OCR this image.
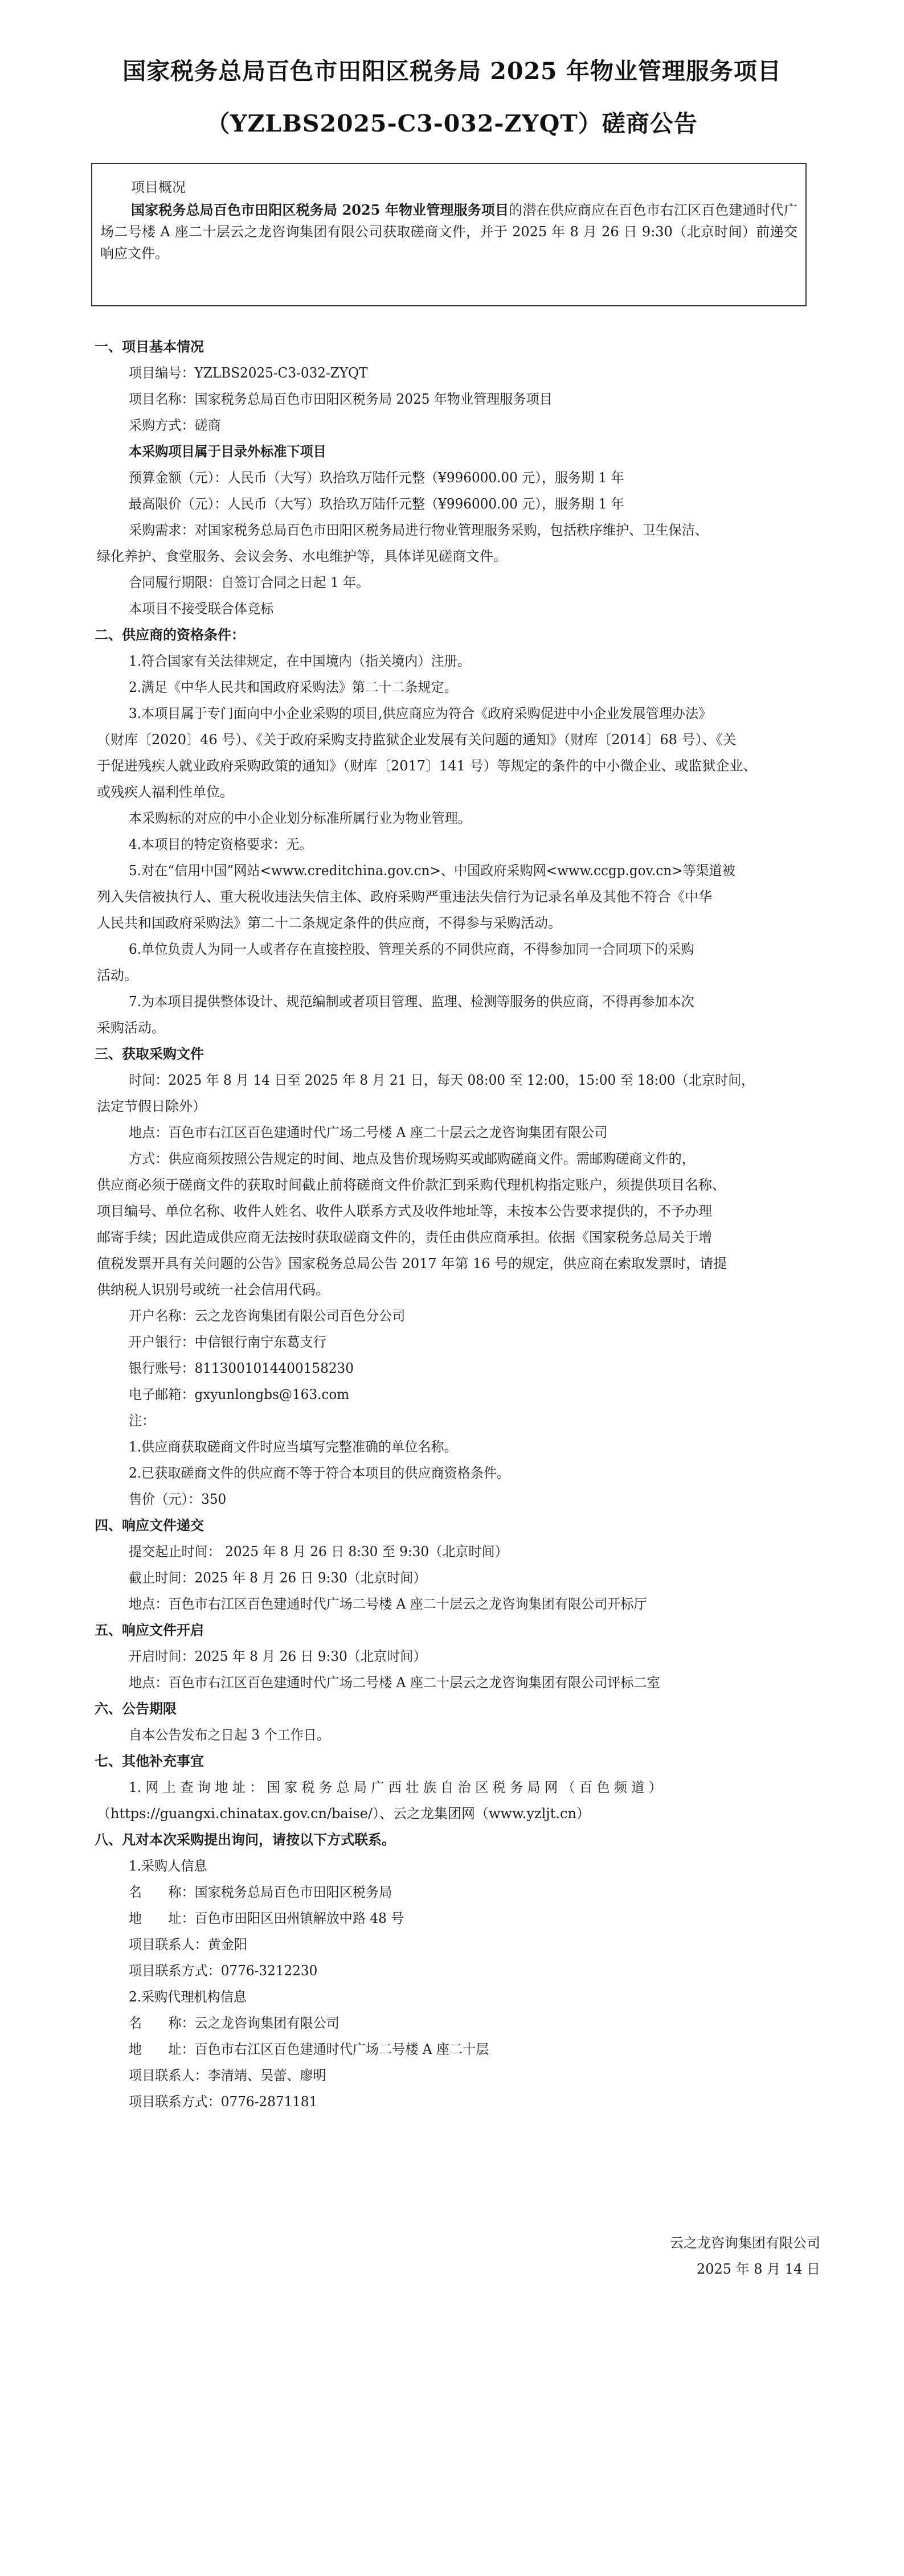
国家税务总局百色市田阳区税务局 2025 年物业管理服务项目
（YZLBS2025-C3-032-ZYQT）磋商公告

项目概况

国家税务总局百色市田阳区税务局 2025 年物业管理服务项目的潜在供应商应在百色市右江区百色建通时代广场二号楼 A 座二十层云之龙咨询集团有限公司获取磋商文件，并于 2025 年 8 月 26 日 9:30（北京时间）前递交响应文件。

一、项目基本情况
项目编号：YZLBS2025-C3-032-ZYQT
项目名称：国家税务总局百色市田阳区税务局 2025 年物业管理服务项目
采购方式：磋商
本采购项目属于目录外标准下项目
预算金额（元）：人民币（大写）玖拾玖万陆仟元整（¥996000.00 元），服务期 1 年
最高限价（元）：人民币（大写）玖拾玖万陆仟元整（¥996000.00 元），服务期 1 年
采购需求：对国家税务总局百色市田阳区税务局进行物业管理服务采购，包括秩序维护、卫生保洁、
绿化养护、食堂服务、会议会务、水电维护等，具体详见磋商文件。
合同履行期限：自签订合同之日起 1 年。
本项目不接受联合体竞标
二、供应商的资格条件：
1.符合国家有关法律规定，在中国境内（指关境内）注册。
2.满足《中华人民共和国政府采购法》第二十二条规定。
3.本项目属于专门面向中小企业采购的项目,供应商应为符合《政府采购促进中小企业发展管理办法》
（财库〔2020〕46 号）、《关于政府采购支持监狱企业发展有关问题的通知》（财库〔2014〕68 号）、《关
于促进残疾人就业政府采购政策的通知》（财库〔2017〕141 号）等规定的条件的中小微企业、或监狱企业、
或残疾人福利性单位。
本采购标的对应的中小企业划分标准所属行业为物业管理。
4.本项目的特定资格要求：无。
5.对在“信用中国”网站<www.creditchina.gov.cn>、中国政府采购网<www.ccgp.gov.cn>等渠道被
列入失信被执行人、重大税收违法失信主体、政府采购严重违法失信行为记录名单及其他不符合《中华
人民共和国政府采购法》第二十二条规定条件的供应商，不得参与采购活动。
6.单位负责人为同一人或者存在直接控股、管理关系的不同供应商，不得参加同一合同项下的采购
活动。
7.为本项目提供整体设计、规范编制或者项目管理、监理、检测等服务的供应商，不得再参加本次
采购活动。
三、获取采购文件
时间：2025 年 8 月 14 日至 2025 年 8 月 21 日，每天 08:00 至 12:00，15:00 至 18:00（北京时间，
法定节假日除外）
地点：百色市右江区百色建通时代广场二号楼 A 座二十层云之龙咨询集团有限公司
方式：供应商须按照公告规定的时间、地点及售价现场购买或邮购磋商文件。需邮购磋商文件的，
供应商必须于磋商文件的获取时间截止前将磋商文件价款汇到采购代理机构指定账户，须提供项目名称、
项目编号、单位名称、收件人姓名、收件人联系方式及收件地址等，未按本公告要求提供的，不予办理
邮寄手续；因此造成供应商无法按时获取磋商文件的，责任由供应商承担。依据《国家税务总局关于增
值税发票开具有关问题的公告》国家税务总局公告 2017 年第 16 号的规定，供应商在索取发票时，请提
供纳税人识别号或统一社会信用代码。
开户名称：云之龙咨询集团有限公司百色分公司
开户银行：中信银行南宁东葛支行
银行账号：8113001014400158230
电子邮箱：gxyunlongbs@163.com
注：
1.供应商获取磋商文件时应当填写完整准确的单位名称。
2.已获取磋商文件的供应商不等于符合本项目的供应商资格条件。
售价（元）：350
四、响应文件递交
提交起止时间： 2025 年 8 月 26 日 8:30 至 9:30（北京时间）
截止时间：2025 年 8 月 26 日 9:30（北京时间）
地点：百色市右江区百色建通时代广场二号楼 A 座二十层云之龙咨询集团有限公司开标厅
五、响应文件开启
开启时间：2025 年 8 月 26 日 9:30（北京时间）
地点：百色市右江区百色建通时代广场二号楼 A 座二十层云之龙咨询集团有限公司评标二室
六、公告期限
自本公告发布之日起 3 个工作日。
七、其他补充事宜
1. 网 上 查 询 地 址 ： 国 家 税 务 总 局 广 西 壮 族 自 治 区 税 务 局 网 （ 百 色 频 道 ）
（https://guangxi.chinatax.gov.cn/baise/）、云之龙集团网（www.yzljt.cn）
八、凡对本次采购提出询问，请按以下方式联系。
1.采购人信息
名　　称：国家税务总局百色市田阳区税务局
地　　址：百色市田阳区田州镇解放中路 48 号
项目联系人：黄金阳
项目联系方式：0776-3212230
2.采购代理机构信息
名　　称：云之龙咨询集团有限公司
地　　址：百色市右江区百色建通时代广场二号楼 A 座二十层
项目联系人：李清靖、吴蕾、廖明
项目联系方式：0776-2871181
云之龙咨询集团有限公司
2025 年 8 月 14 日
